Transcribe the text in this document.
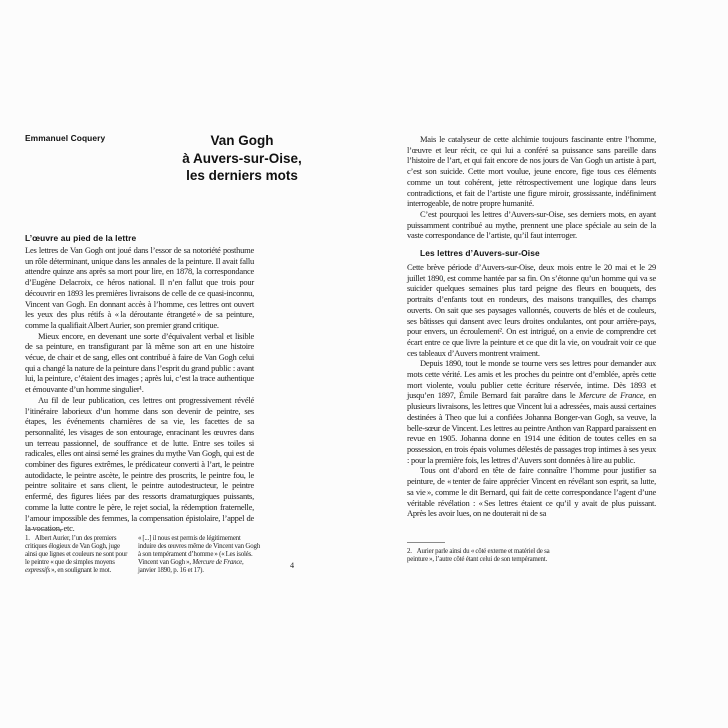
Emmanuel Coquery	Van Gogh
à Auvers-sur-Oise,
les derniers mots
L’œuvre au pied de la lettre

Les lettres de Van Gogh ont joué dans l’essor de sa notoriété posthume un rôle déterminant, unique dans les annales de la peinture. Il avait fallu attendre quinze ans après sa mort pour lire, en 1878, la correspondance d’Eugène Delacroix, ce héros national. Il n’en fallut que trois pour découvrir en 1893 les premières livraisons de celle de ce quasi-inconnu, Vincent van Gogh. En donnant accès à l’homme, ces lettres ont ouvert les yeux des plus rétifs à « la déroutante étrangeté » de sa peinture, comme la qualifiait Albert Aurier, son premier grand critique.

Mieux encore, en devenant une sorte d’équivalent verbal et lisible de sa peinture, en transfigurant par là même son art en une histoire vécue, de chair et de sang, elles ont contribué à faire de Van Gogh celui qui a changé la nature de la peinture dans l’esprit du grand public : avant lui, la peinture, c’étaient des images ; après lui, c’est la trace authentique et émouvante d’un homme singulier¹.

Au fil de leur publication, ces lettres ont progressivement révélé l’itinéraire laborieux d’un homme dans son devenir de peintre, ses étapes, les événements charnières de sa vie, les facettes de sa personnalité, les visages de son entourage, enracinant les œuvres dans un terreau passionnel, de souffrance et de lutte. Entre ses toiles si radicales, elles ont ainsi semé les graines du mythe Van Gogh, qui est de combiner des figures extrêmes, le prédicateur converti à l’art, le peintre autodidacte, le peintre ascète, le peintre des proscrits, le peintre fou, le peintre solitaire et sans client, le peintre autodestructeur, le peintre enfermé, des figures liées par des ressorts dramaturgiques puissants, comme la lutte contre le père, le rejet social, la rédemption fraternelle, l’amour impossible des femmes, la compensation épistolaire, l’appel de la vocation, etc.

1. Albert Aurier, l’un des premiers critiques élogieux de Van Gogh, juge ainsi que lignes et couleurs ne sont pour le peintre « que de simples moyens expressifs », en soulignant le mot.
« [...] il nous est permis de légitimement induire des œuvres même de Vincent van Gogh à son tempérament d’homme » (« Les isolés. Vincent van Gogh », Mercure de France, janvier 1890, p. 16 et 17).
4

Mais le catalyseur de cette alchimie toujours fascinante entre l’homme, l’œuvre et leur récit, ce qui lui a conféré sa puissance sans pareille dans l’histoire de l’art, et qui fait encore de nos jours de Van Gogh un artiste à part, c’est son suicide. Cette mort voulue, jeune encore, fige tous ces éléments comme un tout cohérent, jette rétrospectivement une logique dans leurs contradictions, et fait de l’artiste une figure miroir, grossissante, indéfiniment interrogeable, de notre propre humanité.

C’est pourquoi les lettres d’Auvers-sur-Oise, ses derniers mots, en ayant puissamment contribué au mythe, prennent une place spéciale au sein de la vaste correspondance de l’artiste, qu’il faut interroger.

Les lettres d’Auvers-sur-Oise

Cette brève période d’Auvers-sur-Oise, deux mois entre le 20 mai et le 29 juillet 1890, est comme hantée par sa fin. On s’étonne qu’un homme qui va se suicider quelques semaines plus tard peigne des fleurs en bouquets, des portraits d’enfants tout en rondeurs, des maisons tranquilles, des champs ouverts. On sait que ses paysages vallonnés, couverts de blés et de couleurs, ses bâtisses qui dansent avec leurs droites ondulantes, ont pour arrière-pays, pour envers, un écroulement². On est intrigué, on a envie de comprendre cet écart entre ce que livre la peinture et ce que dit la vie, on voudrait voir ce que ces tableaux d’Auvers montrent vraiment.

Depuis 1890, tout le monde se tourne vers ses lettres pour demander aux mots cette vérité. Les amis et les proches du peintre ont d’emblée, après cette mort violente, voulu publier cette écriture réservée, intime. Dès 1893 et jusqu’en 1897, Émile Bernard fait paraître dans le Mercure de France, en plusieurs livraisons, les lettres que Vincent lui a adressées, mais aussi certaines destinées à Theo que lui a confiées Johanna Bonger-van Gogh, sa veuve, la belle-sœur de Vincent. Les lettres au peintre Anthon van Rappard paraissent en revue en 1905. Johanna donne en 1914 une édition de toutes celles en sa possession, en trois épais volumes délestés de passages trop intimes à ses yeux : pour la première fois, les lettres d’Auvers sont données à lire au public.

Tous ont d’abord en tête de faire connaître l’homme pour justifier sa peinture, de « tenter de faire apprécier Vincent en révélant son esprit, sa lutte, sa vie », comme le dit Bernard, qui fait de cette correspondance l’agent d’une véritable révélation : « Ses lettres étaient ce qu’il y avait de plus puissant. Après les avoir lues, on ne douterait ni de sa

2. Aurier parle ainsi du « côté externe et matériel de sa peinture », l’autre côté étant celui de son tempérament.
